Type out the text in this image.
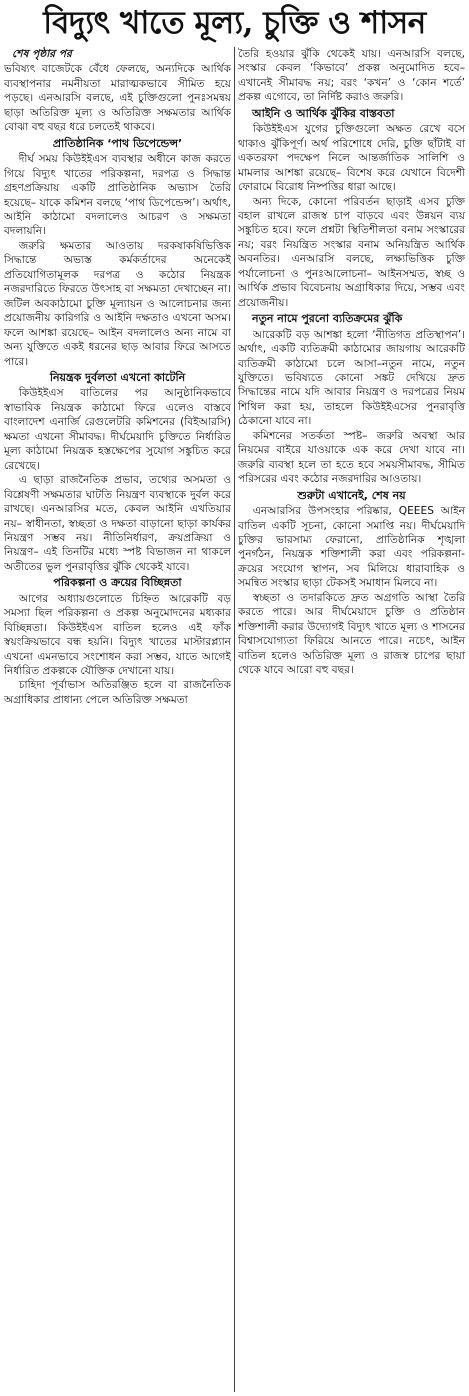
বিদ্যুৎ খাতে মূল্য, চুক্তি ও শাসন
শেষ পৃষ্ঠার পর

ভবিষ্যৎ বাজেটকে বেঁধে ফেলছে, অন্যদিকে আর্থিক ব্যবস্থাপনার নমনীয়তা মারাত্মকভাবে সীমিত হয়ে পড়ছে। এনআরসি বলছে, এই চুক্তিগুলো পুনঃসমন্বয় ছাড়া অতিরিক্ত মূল্য ও অতিরিক্ত সক্ষমতার আর্থিক বোঝা বহু বছর ধরে চলতেই থাকবে।

প্রাতিষ্ঠানিক ‘পাথ ডিপেন্ডেন্স’

দীর্ঘ সময় কিউইইএস ব্যবস্থার অধীনে কাজ করতে গিয়ে বিদ্যুৎ খাতের পরিকল্পনা, দরপত্র ও সিদ্ধান্ত গ্রহণপ্রক্রিয়ায় একটি প্রাতিষ্ঠানিক অভ্যাস তৈরি হয়েছে– যাকে কমিশন বলছে ‘পাথ ডিপেন্ডেন্স’। অর্থাৎ, আইনি কাঠামো বদলালেও আচরণ ও সক্ষমতা বদলায়নি।

জরুরি ক্ষমতার আওতায় দরকষাকষিভিত্তিক সিদ্ধান্তে অভ্যস্ত কর্মকর্তাদের অনেকেই প্রতিযোগিতামূলক দরপত্র ও কঠোর নিয়ন্ত্রক নজরদারিতে ফিরতে উৎসাহ বা সক্ষমতা দেখাচ্ছেন না। জটিল অবকাঠামো চুক্তি মূল্যায়ন ও আলোচনার জন্য প্রয়োজনীয় কারিগরি ও আইনি দক্ষতাও এখনো অসম। ফলে আশঙ্কা রয়েছে– আইন বদলালেও অন্য নামে বা অন্য যুক্তিতে একই ধরনের ছাড় আবার ফিরে আসতে পারে।

নিয়ন্ত্রক দুর্বলতা এখনো কাটেনি

কিউইইএস বাতিলের পর আনুষ্ঠানিকভাবে স্বাভাবিক নিয়ন্ত্রক কাঠামো ফিরে এলেও বাস্তবে বাংলাদেশ এনার্জি রেগুলেটরি কমিশনের (বিইআরসি) ক্ষমতা এখনো সীমাবদ্ধ। দীর্ঘমেয়াদি চুক্তিতে নির্ধারিত মূল্য কাঠামো নিয়ন্ত্রক হস্তক্ষেপের সুযোগ সঙ্কুচিত করে রেখেছে।

এ ছাড়া রাজনৈতিক প্রভাব, তথ্যের অসমতা ও বিশ্লেষণী সক্ষমতার ঘাটতি নিয়ন্ত্রণ ব্যবস্থাকে দুর্বল করে রাখছে। এনআরসির মতে, কেবল আইনি এখতিয়ার নয়– স্বাধীনতা, স্বচ্ছতা ও দক্ষতা বাড়ানো ছাড়া কার্যকর নিয়ন্ত্রণ সম্ভব নয়। নীতিনির্ধারণ, ক্রয়প্রক্রিয়া ও নিয়ন্ত্রণ– এই তিনটির মধ্যে স্পষ্ট বিভাজন না থাকলে অতীতের ভুল পুনরাবৃত্তির ঝুঁকি থেকেই যাবে।

পরিকল্পনা ও ক্রয়ের বিচ্ছিন্নতা

আগের অধ্যায়গুলোতে চিহ্নিত আরেকটি বড় সমস্যা ছিল পরিকল্পনা ও প্রকল্প অনুমোদনের মধ্যকার বিচ্ছিন্নতা। কিউইইএস বাতিল হলেও এই ফাঁক স্বয়ংক্রিয়ভাবে বন্ধ হয়নি। বিদ্যুৎ খাতের মাস্টারপ্ল্যান এখনো এমনভাবে সংশোধন করা সম্ভব, যাতে আগেই নির্ধারিত প্রকল্পকে যৌক্তিক দেখানো যায়।

চাহিদা পূর্বাভাস অতিরঞ্জিত হলে বা রাজনৈতিক অগ্রাধিকার প্রাধান্য পেলে অতিরিক্ত সক্ষমতা

তৈরি হওয়ার ঝুঁকি থেকেই যায়। এনআরসি বলছে, সংস্কার কেবল ‘কিভাবে’ প্রকল্প অনুমোদিত হবে– এখানেই সীমাবদ্ধ নয়; বরং ‘কখন’ ও ‘কোন শর্তে’ প্রকল্প এগোবে, তা নির্দিষ্ট করাও জরুরি।

আইনি ও আর্থিক ঝুঁকির বাস্তবতা

কিউইইএস যুগের চুক্তিগুলো অক্ষত রেখে বসে থাকাও ঝুঁকিপূর্ণ। অর্থ পরিশোধে দেরি, চুক্তি ছাঁটাই বা একতরফা পদক্ষেপ নিলে আন্তর্জাতিক সালিশি ও মামলার আশঙ্কা রয়েছে– বিশেষ করে যেখানে বিদেশী ফোরামে বিরোধ নিষ্পত্তির ধারা আছে।

অন্য দিকে, কোনো পরিবর্তন ছাড়াই এসব চুক্তি বহাল রাখলে রাজস্ব চাপ বাড়বে এবং উন্নয়ন ব্যয় সঙ্কুচিত হবে। ফলে প্রশ্নটা স্থিতিশীলতা বনাম সংস্কারের নয়; বরং নিয়ন্ত্রিত সংস্কার বনাম অনিয়ন্ত্রিত আর্থিক অবনতির। এনআরসি বলছে, লক্ষ্যভিত্তিক চুক্তি পর্যালোচনা ও পুনঃআলোচনা– আইনসম্মত, স্বচ্ছ ও আর্থিক প্রভাব বিবেচনায় অগ্রাধিকার দিয়ে, সম্ভব এবং প্রয়োজনীয়।

নতুন নামে পুরনো ব্যতিক্রমের ঝুঁকি

আরেকটি বড় আশঙ্কা হলো ‘নীতিগত প্রতিস্থাপন’। অর্থাৎ, একটি ব্যতিক্রমী কাঠামোর জায়গায় আরেকটি ব্যতিক্রমী কাঠামো চলে আসা–নতুন নামে, নতুন যুক্তিতে। ভবিষ্যতে কোনো সঙ্কট দেখিয়ে দ্রুত সিদ্ধান্তের নামে যদি আবার নিয়ন্ত্রণ ও দরপত্রের নিয়ম শিথিল করা হয়, তাহলে কিউইইএসের পুনরাবৃত্তি ঠেকানো যাবে না।

কমিশনের সতর্কতা স্পষ্ট– জরুরি অবস্থা আর নিয়মের বাইরে যাওয়াকে এক করে দেখা যাবে না। জরুরি ব্যবস্থা হলে তা হতে হবে সময়সীমাবদ্ধ, সীমিত পরিসরের এবং কঠোর নজরদারির আওতায়।

শুরুটা এখানেই, শেষ নয়

এনআরসির উপসংহার পরিষ্কার, QEEES আইন বাতিল একটি সূচনা, কোনো সমাপ্তি নয়। দীর্ঘমেয়াদি চুক্তির ভারসাম্য ফেরানো, প্রাতিষ্ঠানিক শৃঙ্খলা পুনর্গঠন, নিয়ন্ত্রক শক্তিশালী করা এবং পরিকল্পনা-ক্রয়ের সংযোগ স্থাপন, সব মিলিয়ে ধারাবাহিক ও সমন্বিত সংস্কার ছাড়া টেকসই সমাধান মিলবে না।

স্বচ্ছতা ও তদারকিতে দ্রুত অগ্রগতি আস্থা তৈরি করতে পারে। আর দীর্ঘমেয়াদে চুক্তি ও প্রতিষ্ঠান শক্তিশালী করার উদ্যোগই বিদ্যুৎ খাতে মূল্য ও শাসনের বিশ্বাসযোগ্যতা ফিরিয়ে আনতে পারে। নচেৎ, আইন বাতিল হলেও অতিরিক্ত মূল্য ও রাজস্ব চাপের ছায়া থেকে যাবে আরো বহু বছর।
